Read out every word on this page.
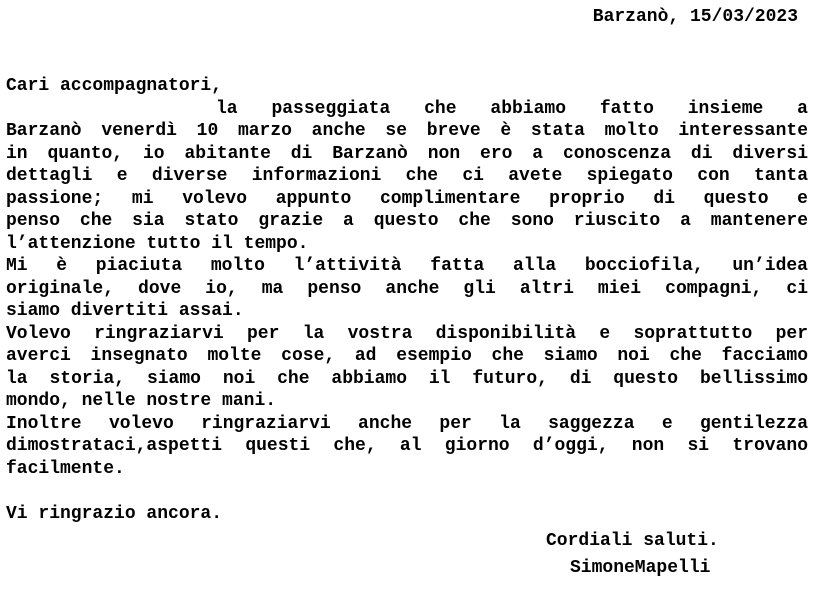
Barzanò, 15/03/2023
Cari accompagnatori,
la passeggiata che abbiamo fatto insieme a
Barzanò venerdì 10 marzo anche se breve è stata molto interessante
in quanto, io abitante di Barzanò non ero a conoscenza di diversi
dettagli e diverse informazioni che ci avete spiegato con tanta
passione; mi volevo appunto complimentare proprio di questo e
penso che sia stato grazie a questo che sono riuscito a mantenere
l’attenzione tutto il tempo.
Mi è piaciuta molto l’attività fatta alla bocciofila, un’idea
originale, dove io, ma penso anche gli altri miei compagni, ci
siamo divertiti assai.
Volevo ringraziarvi per la vostra disponibilità e soprattutto per
averci insegnato molte cose, ad esempio che siamo noi che facciamo
la storia, siamo noi che abbiamo il futuro, di questo bellissimo
mondo, nelle nostre mani.
Inoltre volevo ringraziarvi anche per la saggezza e gentilezza
dimostrataci,aspetti questi che, al giorno d’oggi, non si trovano
facilmente.
Vi ringrazio ancora.
Cordiali saluti.
SimoneMapelli
